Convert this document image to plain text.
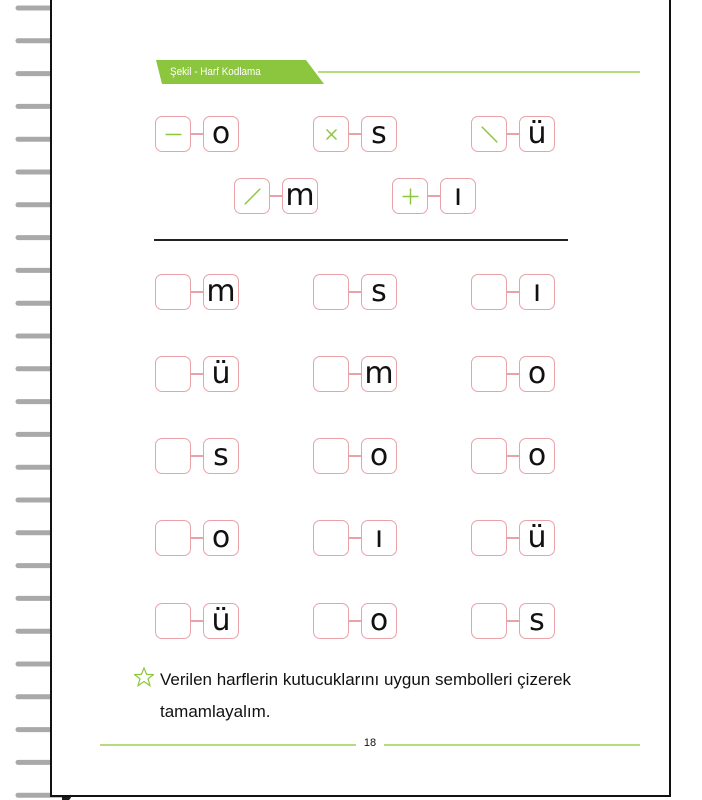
Şekil - Harf Kodlama
o	s	ü
m	ı
m	s	ı
ü	m	o
s	o	o
o	ı	ü
ü	o	s
Verilen harflerin kutucuklarını uygun sembolleri çizerek tamamlayalım.
18
